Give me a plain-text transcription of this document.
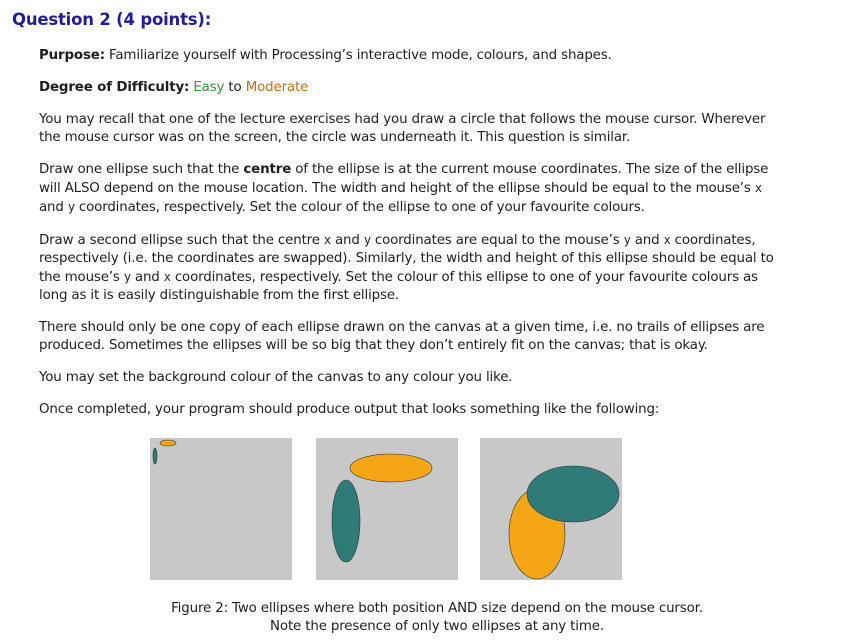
Question 2 (4 points):

Purpose: Familiarize yourself with Processing’s interactive mode, colours, and shapes.

Degree of Difficulty: Easy to Moderate

You may recall that one of the lecture exercises had you draw a circle that follows the mouse cursor. Wherever the mouse cursor was on the screen, the circle was underneath it. This question is similar.

Draw one ellipse such that the centre of the ellipse is at the current mouse coordinates. The size of the ellipse will ALSO depend on the mouse location. The width and height of the ellipse should be equal to the mouse’s x and y coordinates, respectively. Set the colour of the ellipse to one of your favourite colours.

Draw a second ellipse such that the centre x and y coordinates are equal to the mouse’s y and x coordinates, respectively (i.e. the coordinates are swapped). Similarly, the width and height of this ellipse should be equal to the mouse’s y and x coordinates, respectively. Set the colour of this ellipse to one of your favourite colours as long as it is easily distinguishable from the first ellipse.

There should only be one copy of each ellipse drawn on the canvas at a given time, i.e. no trails of ellipses are produced. Sometimes the ellipses will be so big that they don’t entirely fit on the canvas; that is okay.

You may set the background colour of the canvas to any colour you like.

Once completed, your program should produce output that looks something like the following:

Figure 2: Two ellipses where both position AND size depend on the mouse cursor.
Note the presence of only two ellipses at any time.
